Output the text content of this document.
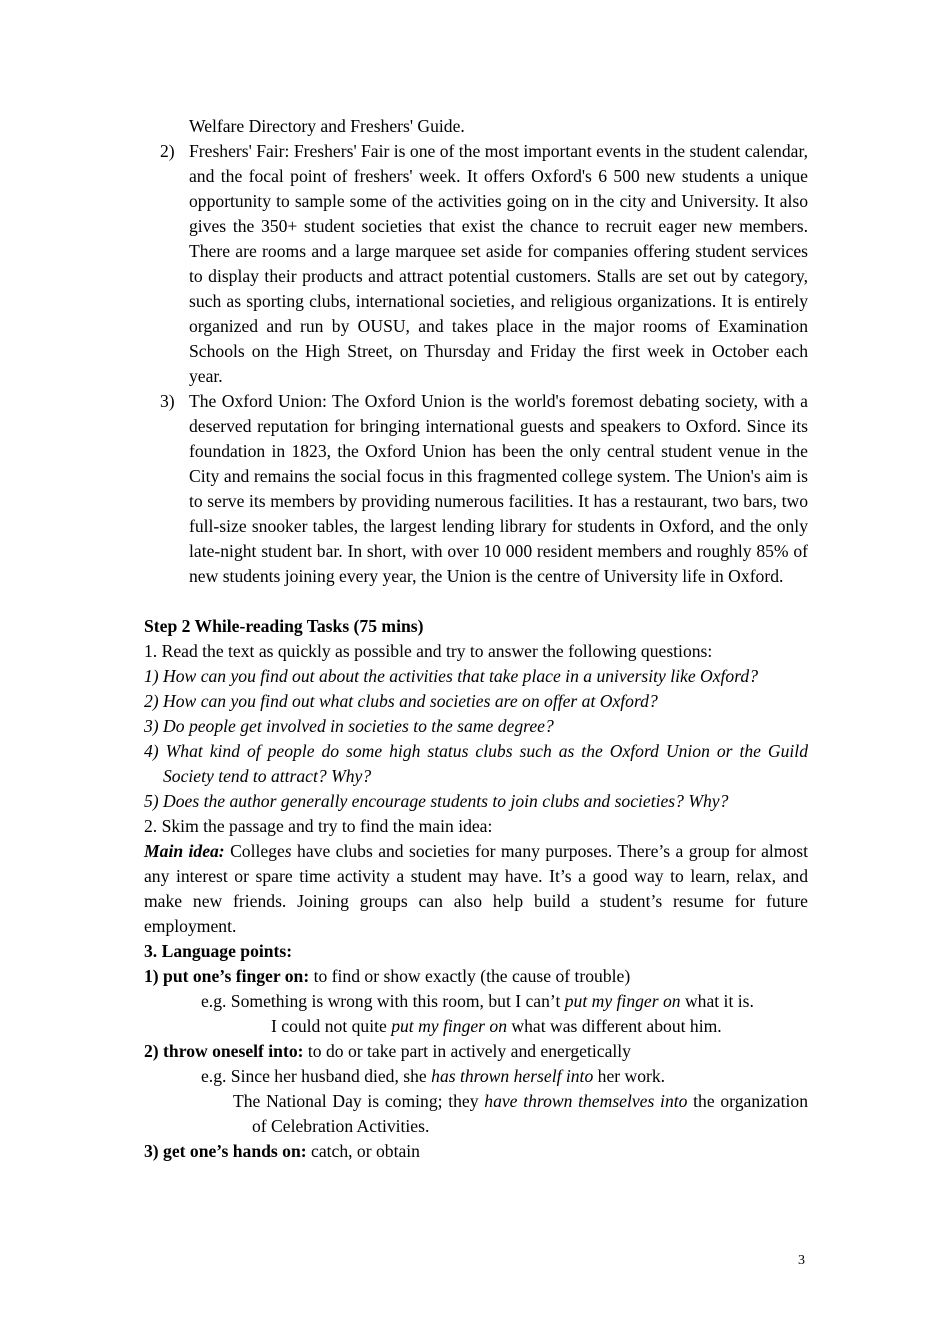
Welfare Directory and Freshers' Guide.

2) Freshers' Fair: Freshers' Fair is one of the most important events in the student calendar, and the focal point of freshers' week. It offers Oxford's 6 500 new students a unique opportunity to sample some of the activities going on in the city and University. It also gives the 350+ student societies that exist the chance to recruit eager new members. There are rooms and a large marquee set aside for companies offering student services to display their products and attract potential customers. Stalls are set out by category, such as sporting clubs, international societies, and religious organizations. It is entirely organized and run by OUSU, and takes place in the major rooms of Examination Schools on the High Street, on Thursday and Friday the first week in October each year.
3) The Oxford Union: The Oxford Union is the world's foremost debating society, with a deserved reputation for bringing international guests and speakers to Oxford. Since its foundation in 1823, the Oxford Union has been the only central student venue in the City and remains the social focus in this fragmented college system. The Union's aim is to serve its members by providing numerous facilities. It has a restaurant, two bars, two full-size snooker tables, the largest lending library for students in Oxford, and the only late-night student bar. In short, with over 10 000 resident members and roughly 85% of new students joining every year, the Union is the centre of University life in Oxford.

Step 2 While-reading Tasks (75 mins)

1. Read the text as quickly as possible and try to answer the following questions:

1) How can you find out about the activities that take place in a university like Oxford?

2) How can you find out what clubs and societies are on offer at Oxford?

3) Do people get involved in societies to the same degree?

4) What kind of people do some high status clubs such as the Oxford Union or the Guild Society tend to attract? Why?

5) Does the author generally encourage students to join clubs and societies? Why?

2. Skim the passage and try to find the main idea:

Main idea: Colleges have clubs and societies for many purposes. There’s a group for almost any interest or spare time activity a student may have. It’s a good way to learn, relax, and make new friends. Joining groups can also help build a student’s resume for future employment.

3. Language points:

1) put one’s finger on: to find or show exactly (the cause of trouble)

e.g. Something is wrong with this room, but I can’t put my finger on what it is.

I could not quite put my finger on what was different about him.

2) throw oneself into: to do or take part in actively and energetically

e.g. Since her husband died, she has thrown herself into her work.

The National Day is coming; they have thrown themselves into the organization of Celebration Activities.

3) get one’s hands on: catch, or obtain

3
